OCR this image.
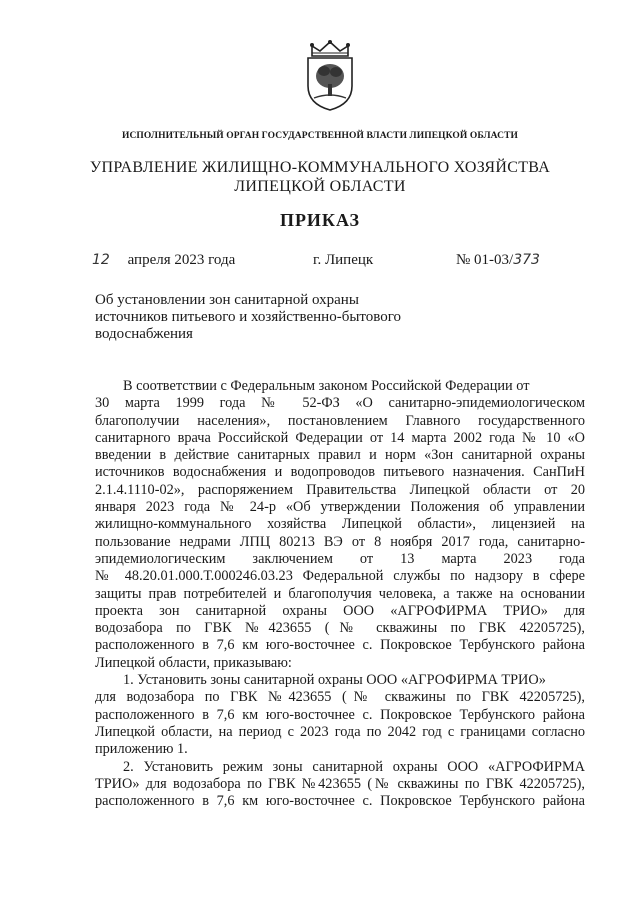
ИСПОЛНИТЕЛЬНЫЙ ОРГАН ГОСУДАРСТВЕННОЙ ВЛАСТИ ЛИПЕЦКОЙ ОБЛАСТИ
УПРАВЛЕНИЕ ЖИЛИЩНО-КОММУНАЛЬНОГО ХОЗЯЙСТВА
ЛИПЕЦКОЙ ОБЛАСТИ
ПРИКАЗ
12 апреля 2023 года	г. Липецк	№ 01-03/373
Об установлении зон санитарной охраны
источников питьевого и хозяйственно-бытового
водоснабжения
В соответствии с Федеральным законом Российской Федерации от
30 марта 1999 года № 52-ФЗ «О санитарно-эпидемиологическом
благополучии населения», постановлением Главного государственного
санитарного врача Российской Федерации от 14 марта 2002 года № 10 «О
введении в действие санитарных правил и норм «Зон санитарной охраны
источников водоснабжения и водопроводов питьевого назначения. СанПиН
2.1.4.1110-02», распоряжением Правительства Липецкой области от 20
января 2023 года № 24-р «Об утверждении Положения об управлении
жилищно-коммунального хозяйства Липецкой области», лицензией на
пользование недрами ЛПЦ 80213 ВЭ от 8 ноября 2017 года, санитарно-
эпидемиологическим заключением от 13 марта 2023 года
№ 48.20.01.000.Т.000246.03.23 Федеральной службы по надзору в сфере
защиты прав потребителей и благополучия человека, а также на основании
проекта зон санитарной охраны ООО «АГРОФИРМА ТРИО» для
водозабора по ГВК №423655 (№ скважины по ГВК 42205725),
расположенного в 7,6 км юго-восточнее с. Покровское Тербунского района
Липецкой области, приказываю:
1. Установить зоны санитарной охраны ООО «АГРОФИРМА ТРИО»
для водозабора по ГВК №423655 (№ скважины по ГВК 42205725),
расположенного в 7,6 км юго-восточнее с. Покровское Тербунского района
Липецкой области, на период с 2023 года по 2042 год с границами согласно
приложению 1.
2. Установить режим зоны санитарной охраны ООО «АГРОФИРМА
ТРИО» для водозабора по ГВК №423655 (№ скважины по ГВК 42205725),
расположенного в 7,6 км юго-восточнее с. Покровское Тербунского района
